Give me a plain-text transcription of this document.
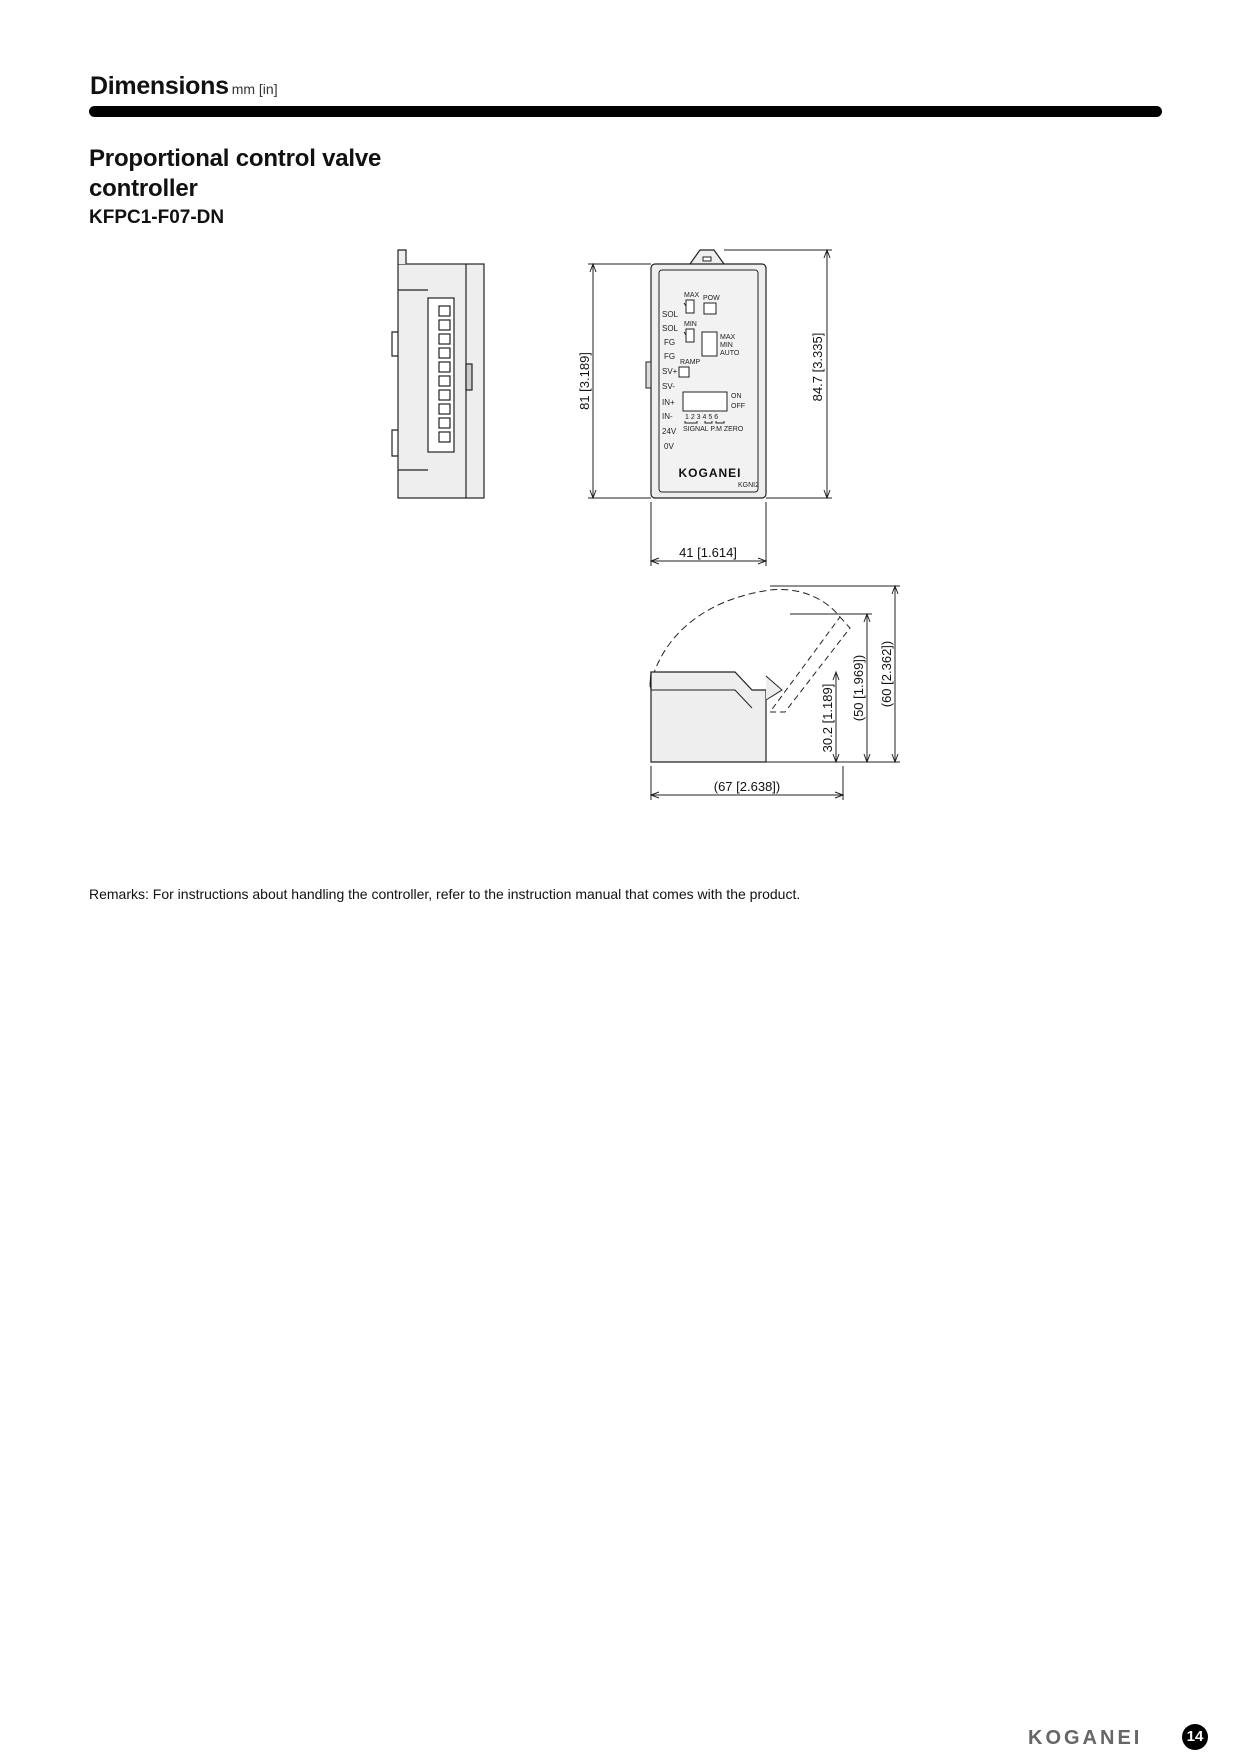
Dimensions mm [in]
Proportional control valve controller
KFPC1-F07-DN
SOL
SOL
FG
FG
SV+
SV-
IN+
IN-
24V
0V
MAX
MIN
POW
RAMP
MAX
MIN
AUTO
ON
OFF
1 2 3 4 5 6
SIGNAL P.M ZERO
KOGANEI
KGNI2
81 [3.189]	84.7 [3.335]
41 [1.614]
30.2 [1.189] (50 [1.969]) (60 [2.362])
(67 [2.638])
Remarks: For instructions about handling the controller, refer to the instruction manual that comes with the product.
KOGANEI	14
